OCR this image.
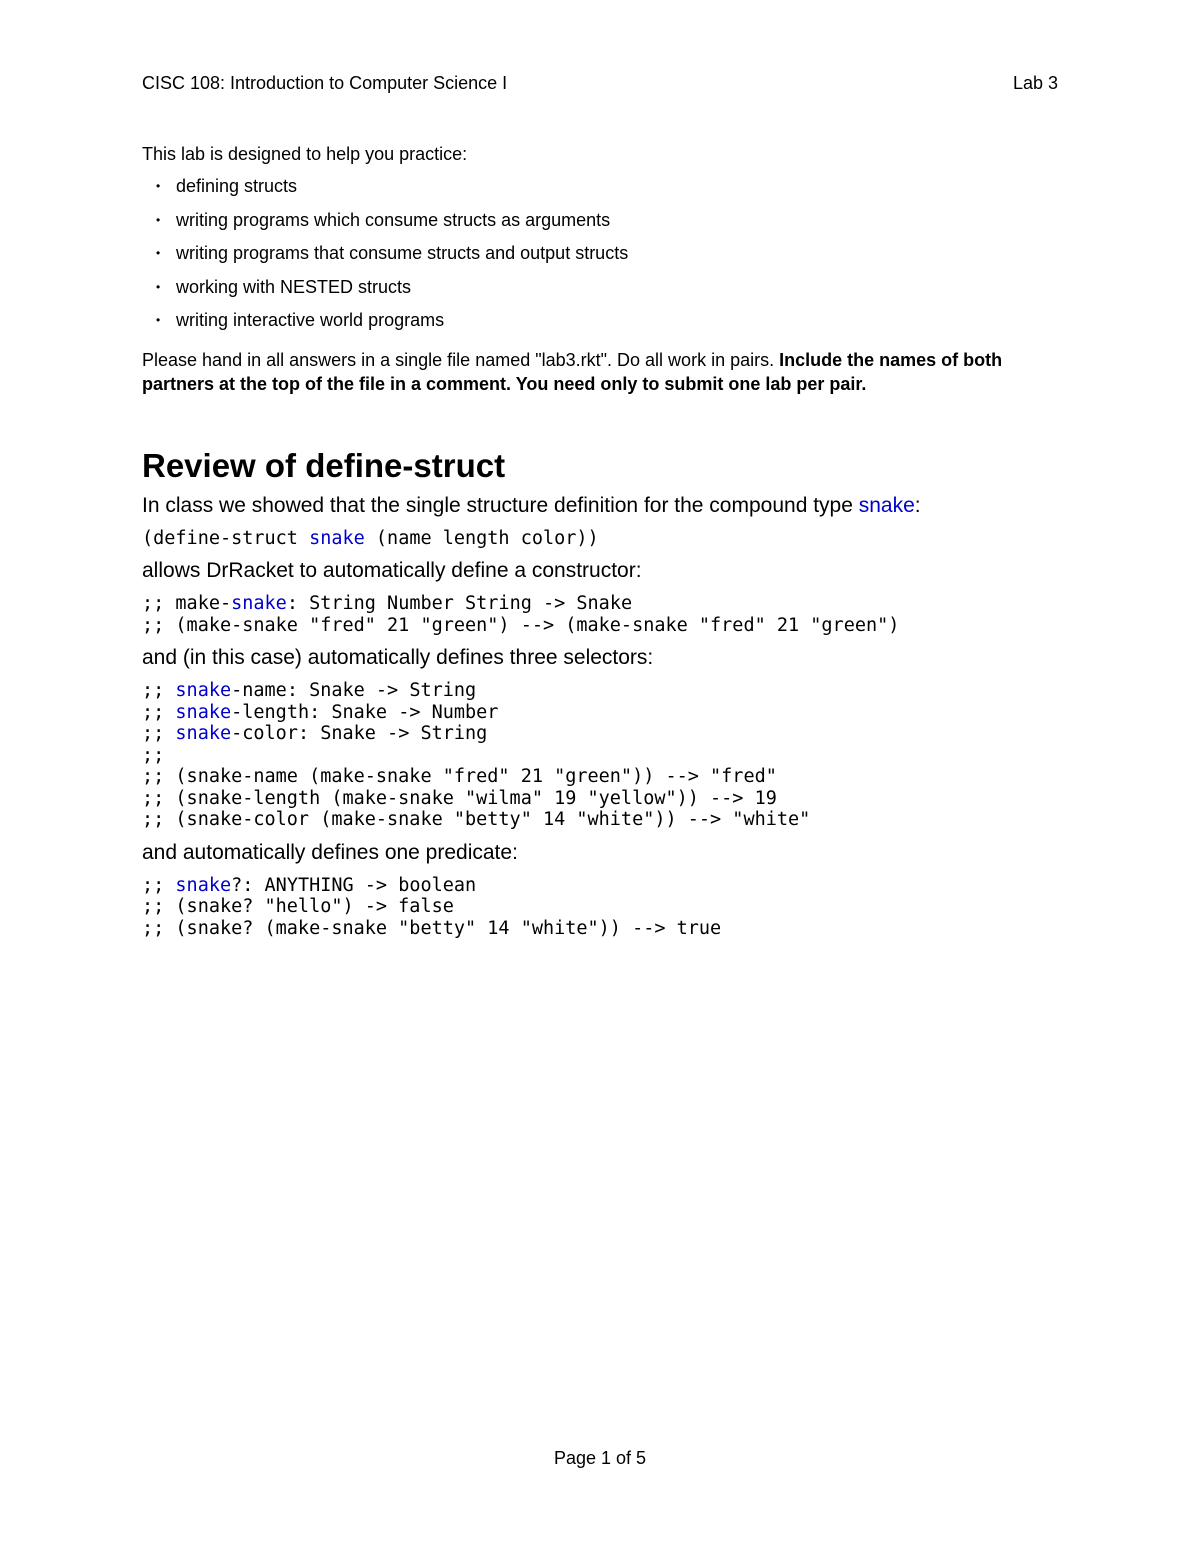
CISC 108: Introduction to Computer Science I	Lab 3

This lab is designed to help you practice:

• defining structs
• writing programs which consume structs as arguments
• writing programs that consume structs and output structs
• working with NESTED structs
• writing interactive world programs

Please hand in all answers in a single file named "lab3.rkt". Do all work in pairs. Include the names of both partners at the top of the file in a comment. You need only to submit one lab per pair.

Review of define-struct

In class we showed that the single structure definition for the compound type snake:

(define-struct snake (name length color))

allows DrRacket to automatically define a constructor:

;; make-snake: String Number String -> Snake
;; (make-snake "fred" 21 "green") --> (make-snake "fred" 21 "green")

and (in this case) automatically defines three selectors:

;; snake-name: Snake -> String
;; snake-length: Snake -> Number
;; snake-color: Snake -> String
;;
;; (snake-name (make-snake "fred" 21 "green")) --> "fred"
;; (snake-length (make-snake "wilma" 19 "yellow")) --> 19
;; (snake-color (make-snake "betty" 14 "white")) --> "white"

and automatically defines one predicate:

;; snake?: ANYTHING -> boolean
;; (snake? "hello") -> false
;; (snake? (make-snake "betty" 14 "white")) --> true
Page 1 of 5
